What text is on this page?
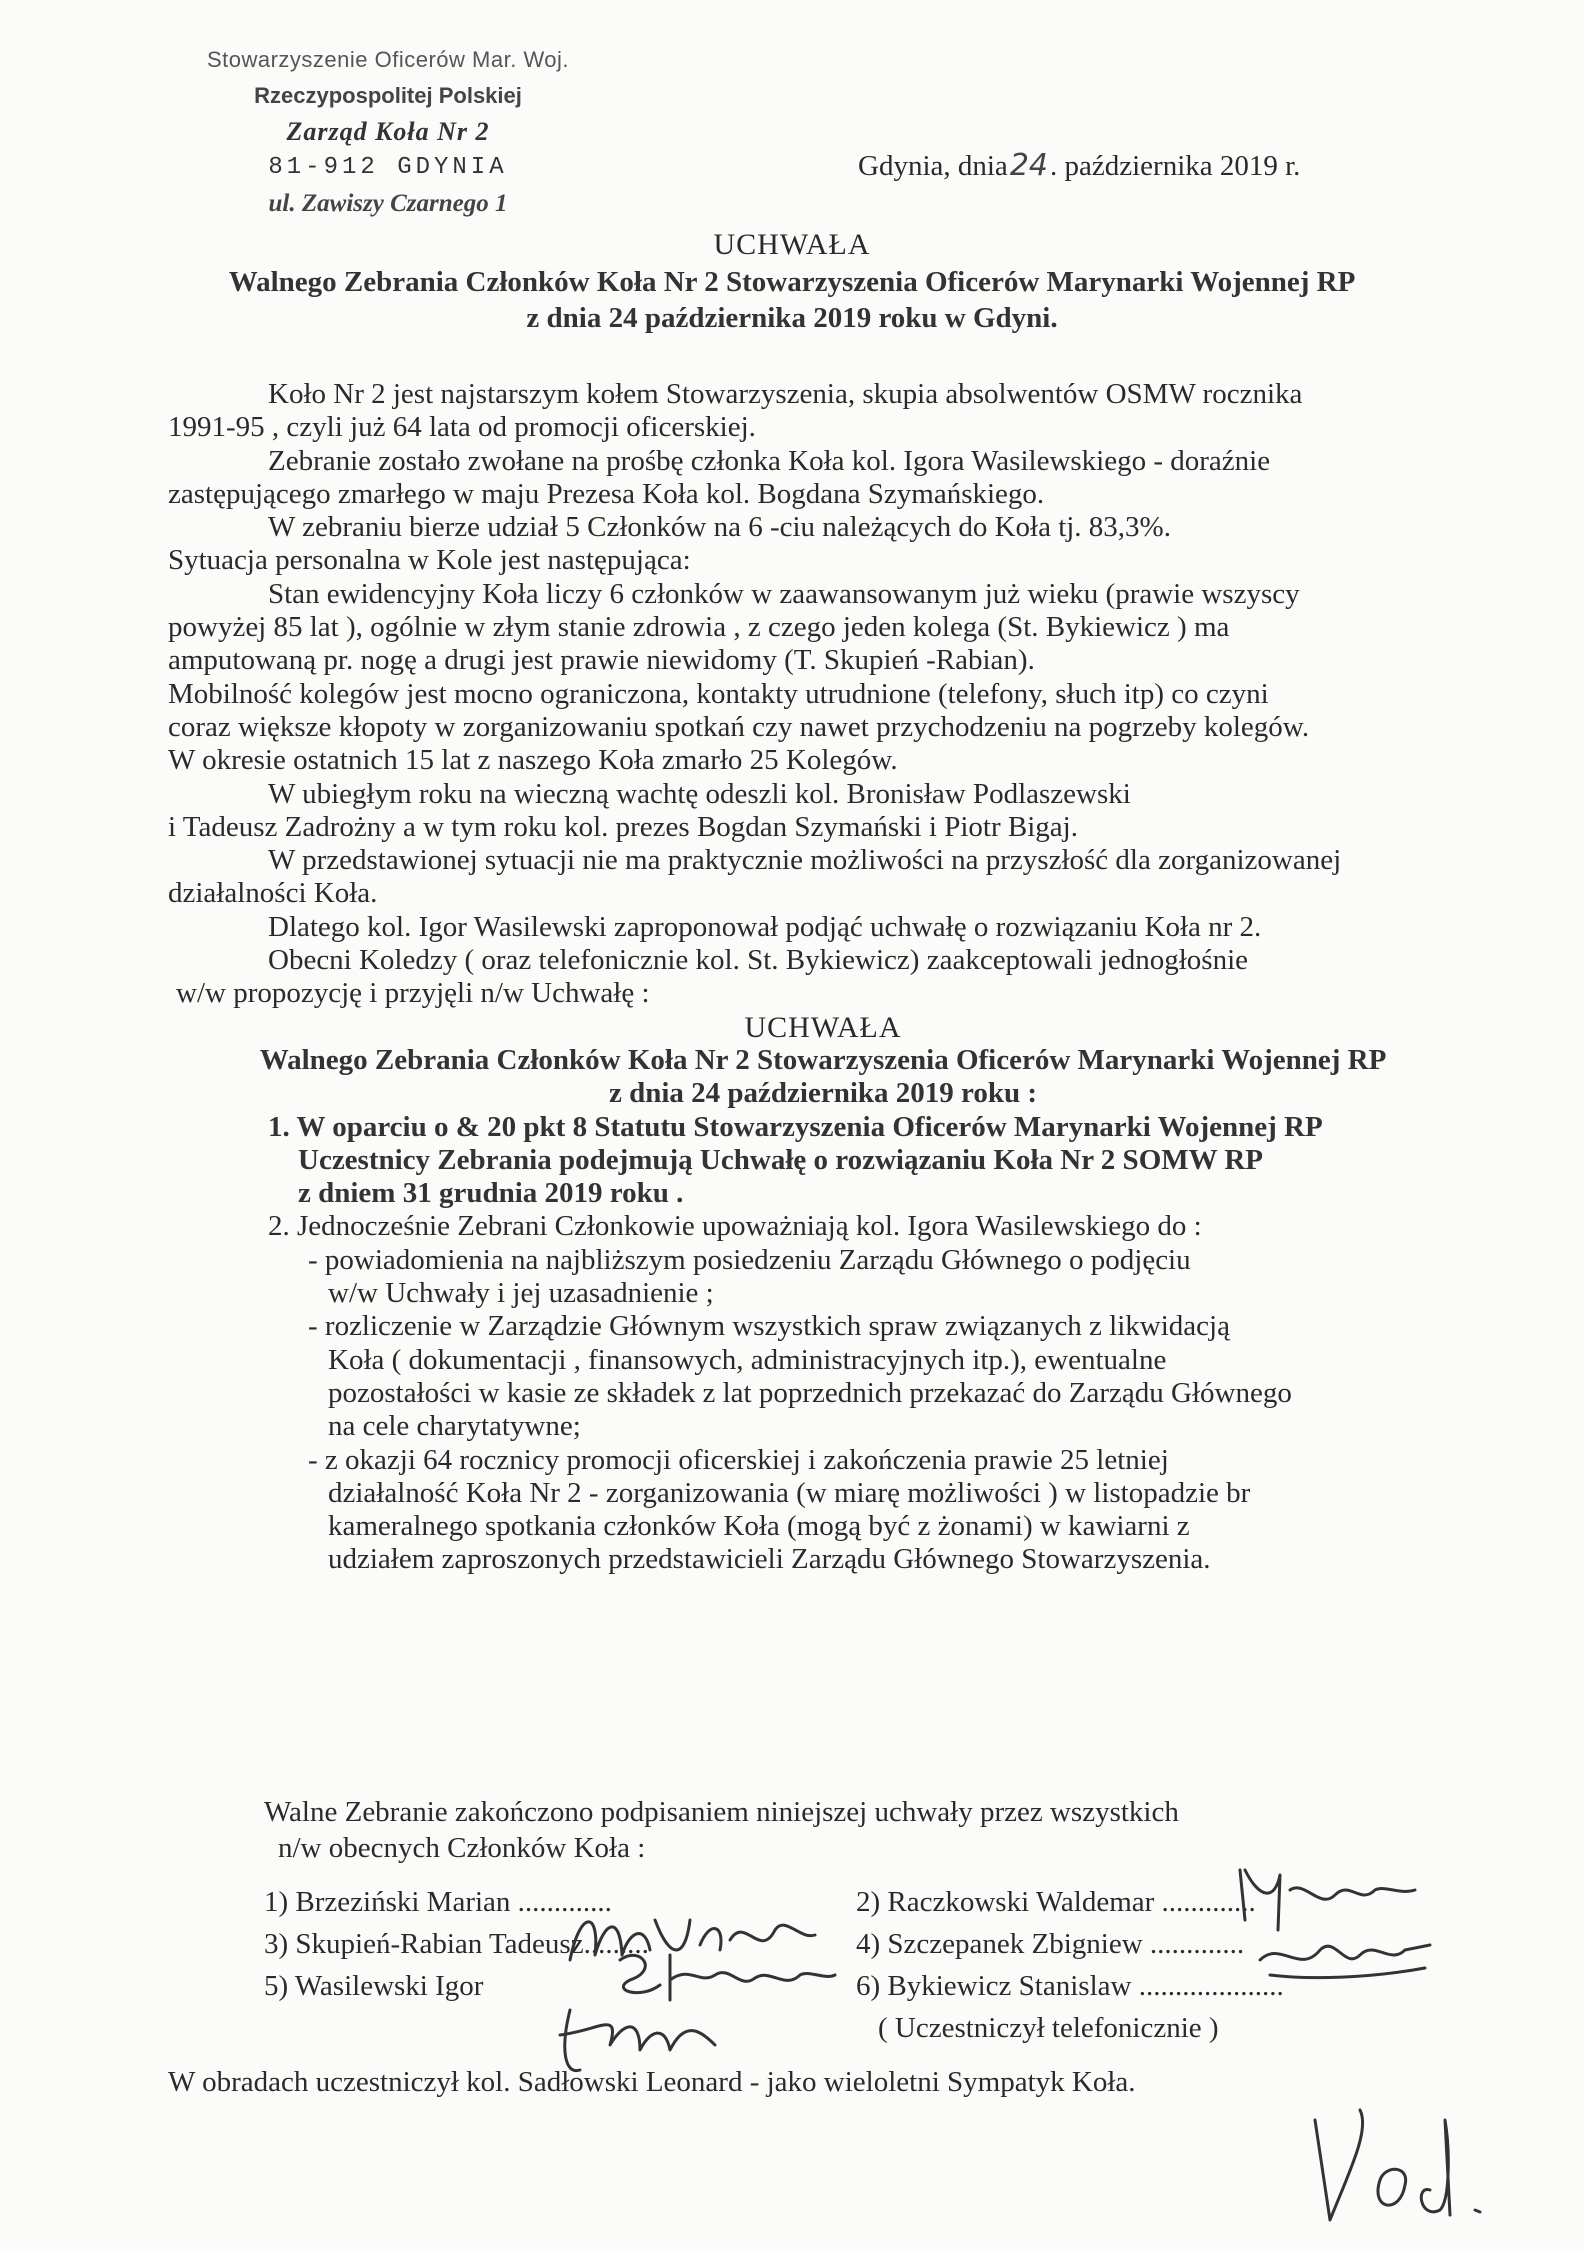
Stowarzyszenie Oficerów Mar. Woj.
Rzeczypospolitej Polskiej
Zarząd Koła Nr 2
81-912 GDYNIA
ul. Zawiszy Czarnego 1
Gdynia, dnia24. października 2019 r.
UCHWAŁA
Walnego Zebrania Członków Koła Nr 2 Stowarzyszenia Oficerów Marynarki Wojennej RP
z dnia 24 października 2019 roku w Gdyni.

Koło Nr 2 jest najstarszym kołem Stowarzyszenia, skupia absolwentów OSMW rocznika

1991-95 , czyli już 64 lata od promocji oficerskiej.

Zebranie zostało zwołane na prośbę członka Koła kol. Igora Wasilewskiego - doraźnie

zastępującego zmarłego w maju Prezesa Koła kol. Bogdana Szymańskiego.

W zebraniu bierze udział 5 Członków na 6 -ciu należących do Koła tj. 83,3%.

Sytuacja personalna w Kole jest następująca:

Stan ewidencyjny Koła liczy 6 członków w zaawansowanym już wieku (prawie wszyscy

powyżej 85 lat ), ogólnie w złym stanie zdrowia , z czego jeden kolega (St. Bykiewicz ) ma

amputowaną pr. nogę a drugi jest prawie niewidomy (T. Skupień -Rabian).

Mobilność kolegów jest mocno ograniczona, kontakty utrudnione (telefony, słuch itp) co czyni

coraz większe kłopoty w zorganizowaniu spotkań czy nawet przychodzeniu na pogrzeby kolegów.

W okresie ostatnich 15 lat z naszego Koła zmarło 25 Kolegów.

W ubiegłym roku na wieczną wachtę odeszli kol. Bronisław Podlaszewski

i Tadeusz Zadrożny a w tym roku kol. prezes Bogdan Szymański i Piotr Bigaj.

W przedstawionej sytuacji nie ma praktycznie możliwości na przyszłość dla zorganizowanej

działalności Koła.

Dlatego kol. Igor Wasilewski zaproponował podjąć uchwałę o rozwiązaniu Koła nr 2.

Obecni Koledzy ( oraz telefonicznie kol. St. Bykiewicz) zaakceptowali jednogłośnie

w/w propozycję i przyjęli n/w Uchwałę :

UCHWAŁA

Walnego Zebrania Członków Koła Nr 2 Stowarzyszenia Oficerów Marynarki Wojennej RP

z dnia 24 października 2019 roku :

1. W oparciu o & 20 pkt 8 Statutu Stowarzyszenia Oficerów Marynarki Wojennej RP

Uczestnicy Zebrania podejmują Uchwałę o rozwiązaniu Koła Nr 2 SOMW RP

z dniem 31 grudnia 2019 roku .

2. Jednocześnie Zebrani Członkowie upoważniają kol. Igora Wasilewskiego do :

- powiadomienia na najbliższym posiedzeniu Zarządu Głównego o podjęciu

w/w Uchwały i jej uzasadnienie ;

- rozliczenie w Zarządzie Głównym wszystkich spraw związanych z likwidacją

Koła ( dokumentacji , finansowych, administracyjnych itp.), ewentualne

pozostałości w kasie ze składek z lat poprzednich przekazać do Zarządu Głównego

na cele charytatywne;

- z okazji 64 rocznicy promocji oficerskiej i zakończenia prawie 25 letniej

działalność Koła Nr 2 - zorganizowania (w miarę możliwości ) w listopadzie br

kameralnego spotkania członków Koła (mogą być z żonami) w kawiarni z

udziałem zaproszonych przedstawicieli Zarządu Głównego Stowarzyszenia.

Walne Zebranie zakończono podpisaniem niniejszej uchwały przez wszystkich

n/w obecnych Członków Koła :

1) Brzeziński Marian .............	2) Raczkowski Waldemar .............
3) Skupień-Rabian Tadeusz.........	4) Szczepanek Zbigniew .............
5) Wasilewski Igor	6) Bykiewicz Stanislaw ....................
( Uczestniczył telefonicznie )
W obradach uczestniczył kol. Sadłowski Leonard - jako wieloletni Sympatyk Koła.
